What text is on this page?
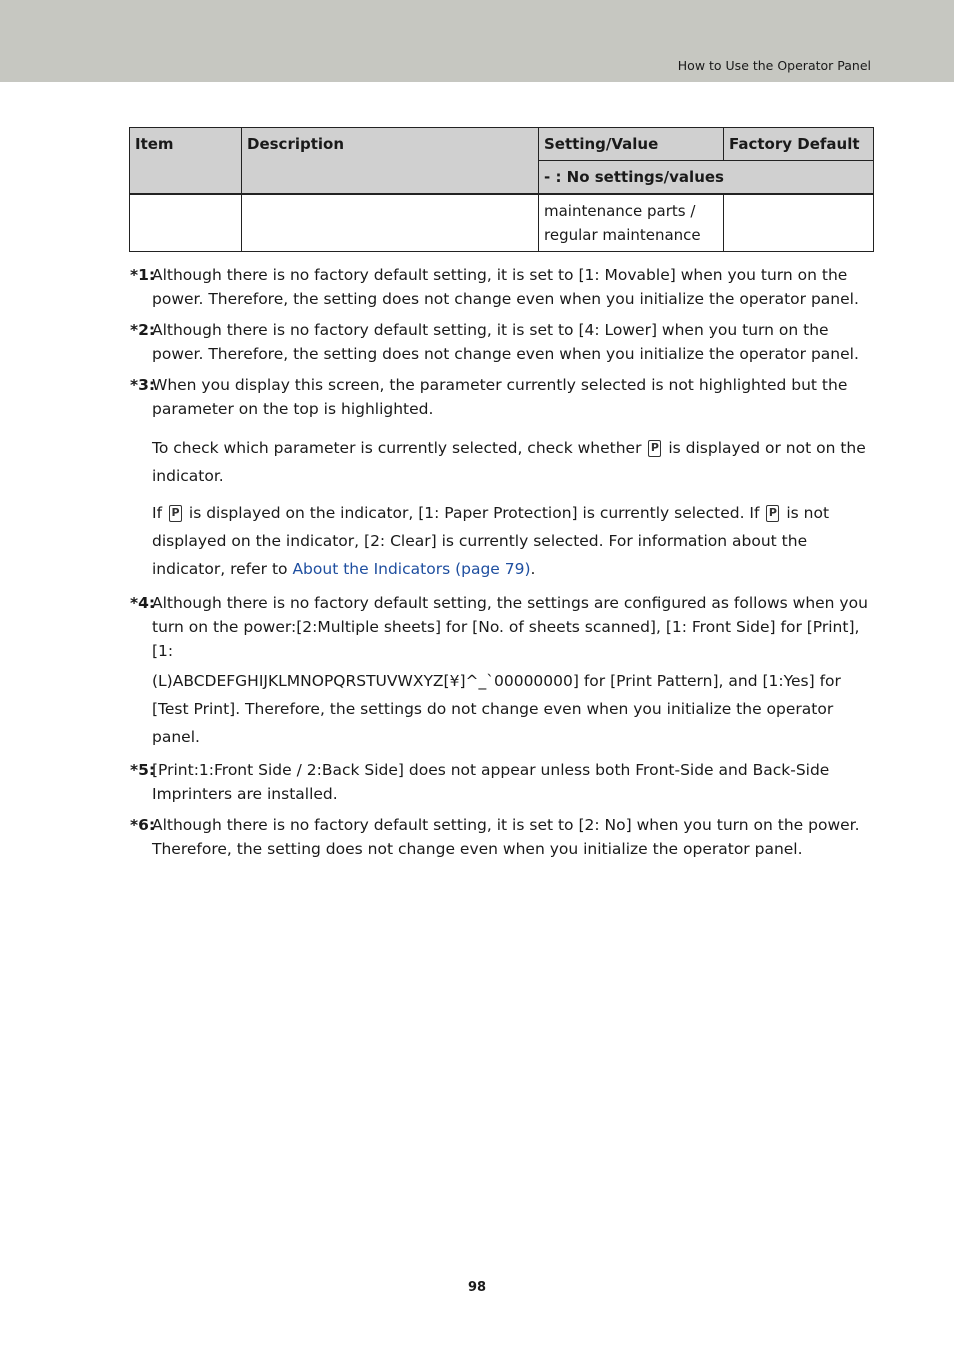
How to Use the Operator Panel
Item	Description	Setting/Value	Factory Default
		- : No settings/values	
		maintenance parts /
regular maintenance	
*1:
Although there is no factory default setting, it is set to [1: Movable] when you turn on the power. Therefore, the setting does not change even when you initialize the operator panel.
*2:
Although there is no factory default setting, it is set to [4: Lower] when you turn on the power. Therefore, the setting does not change even when you initialize the operator panel.
*3:
When you display this screen, the parameter currently selected is not highlighted but the parameter on the top is highlighted.
To check which parameter is currently selected, check whether P is displayed or not on the indicator.
If P is displayed on the indicator, [1: Paper Protection] is currently selected. If P is not displayed on the indicator, [2: Clear] is currently selected. For information about the indicator, refer to About the Indicators (page 79).
*4:
Although there is no factory default setting, the settings are configured as follows when you turn on the power:[2:Multiple sheets] for [No. of sheets scanned], [1: Front Side] for [Print], [1:
(L)ABCDEFGHIJKLMNOPQRSTUVWXYZ[¥]^_`00000000] for [Print Pattern], and [1:Yes] for [Test Print]. Therefore, the settings do not change even when you initialize the operator panel.
*5:
[Print:1:Front Side / 2:Back Side] does not appear unless both Front-Side and Back-Side Imprinters are installed.
*6:
Although there is no factory default setting, it is set to [2: No] when you turn on the power. Therefore, the setting does not change even when you initialize the operator panel.
98
